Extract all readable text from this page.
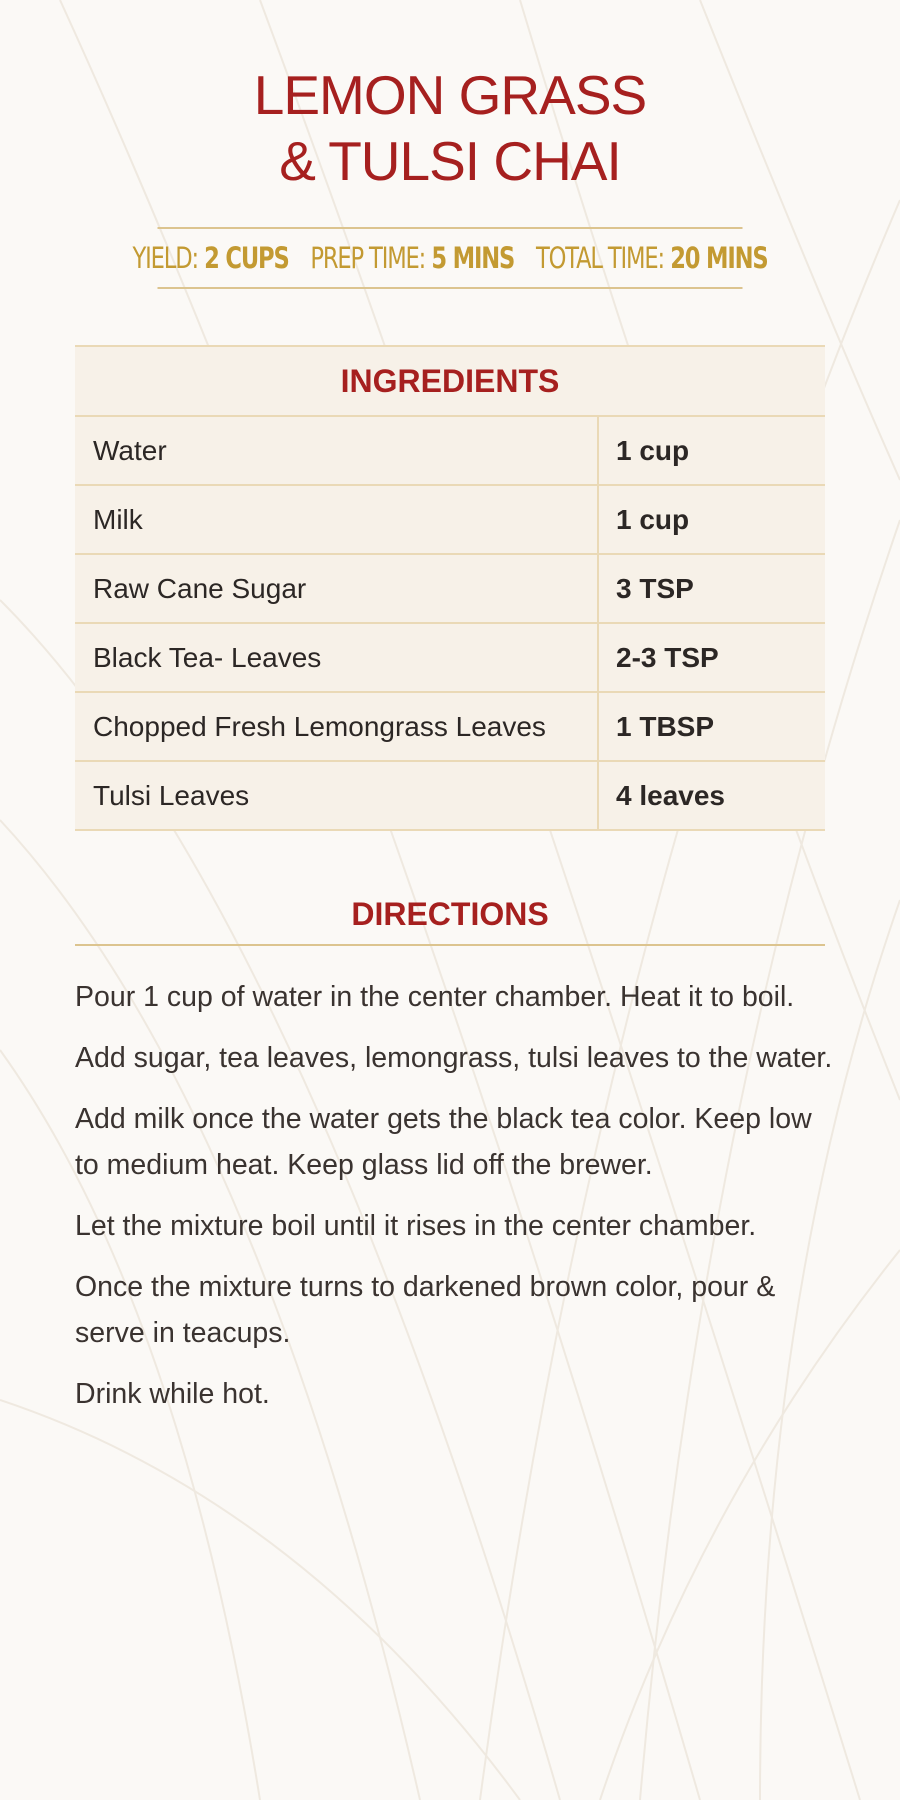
LEMON GRASS
& TULSI CHAI
YIELD: 2 CUPS PREP TIME: 5 MINS TOTAL TIME: 20 MINS
INGREDIENTS
Water	1 cup
Milk	1 cup
Raw Cane Sugar	3 TSP
Black Tea- Leaves	2-3 TSP
Chopped Fresh Lemongrass Leaves	1 TBSP
Tulsi Leaves	4 leaves
DIRECTIONS
Pour 1 cup of water in the center chamber. Heat it to boil.
Add sugar, tea leaves, lemongrass, tulsi leaves to the water.
Add milk once the water gets the black tea color. Keep low to medium heat. Keep glass lid off the brewer.
Let the mixture boil until it rises in the center chamber.
Once the mixture turns to darkened brown color, pour & serve in teacups.
Drink while hot.
